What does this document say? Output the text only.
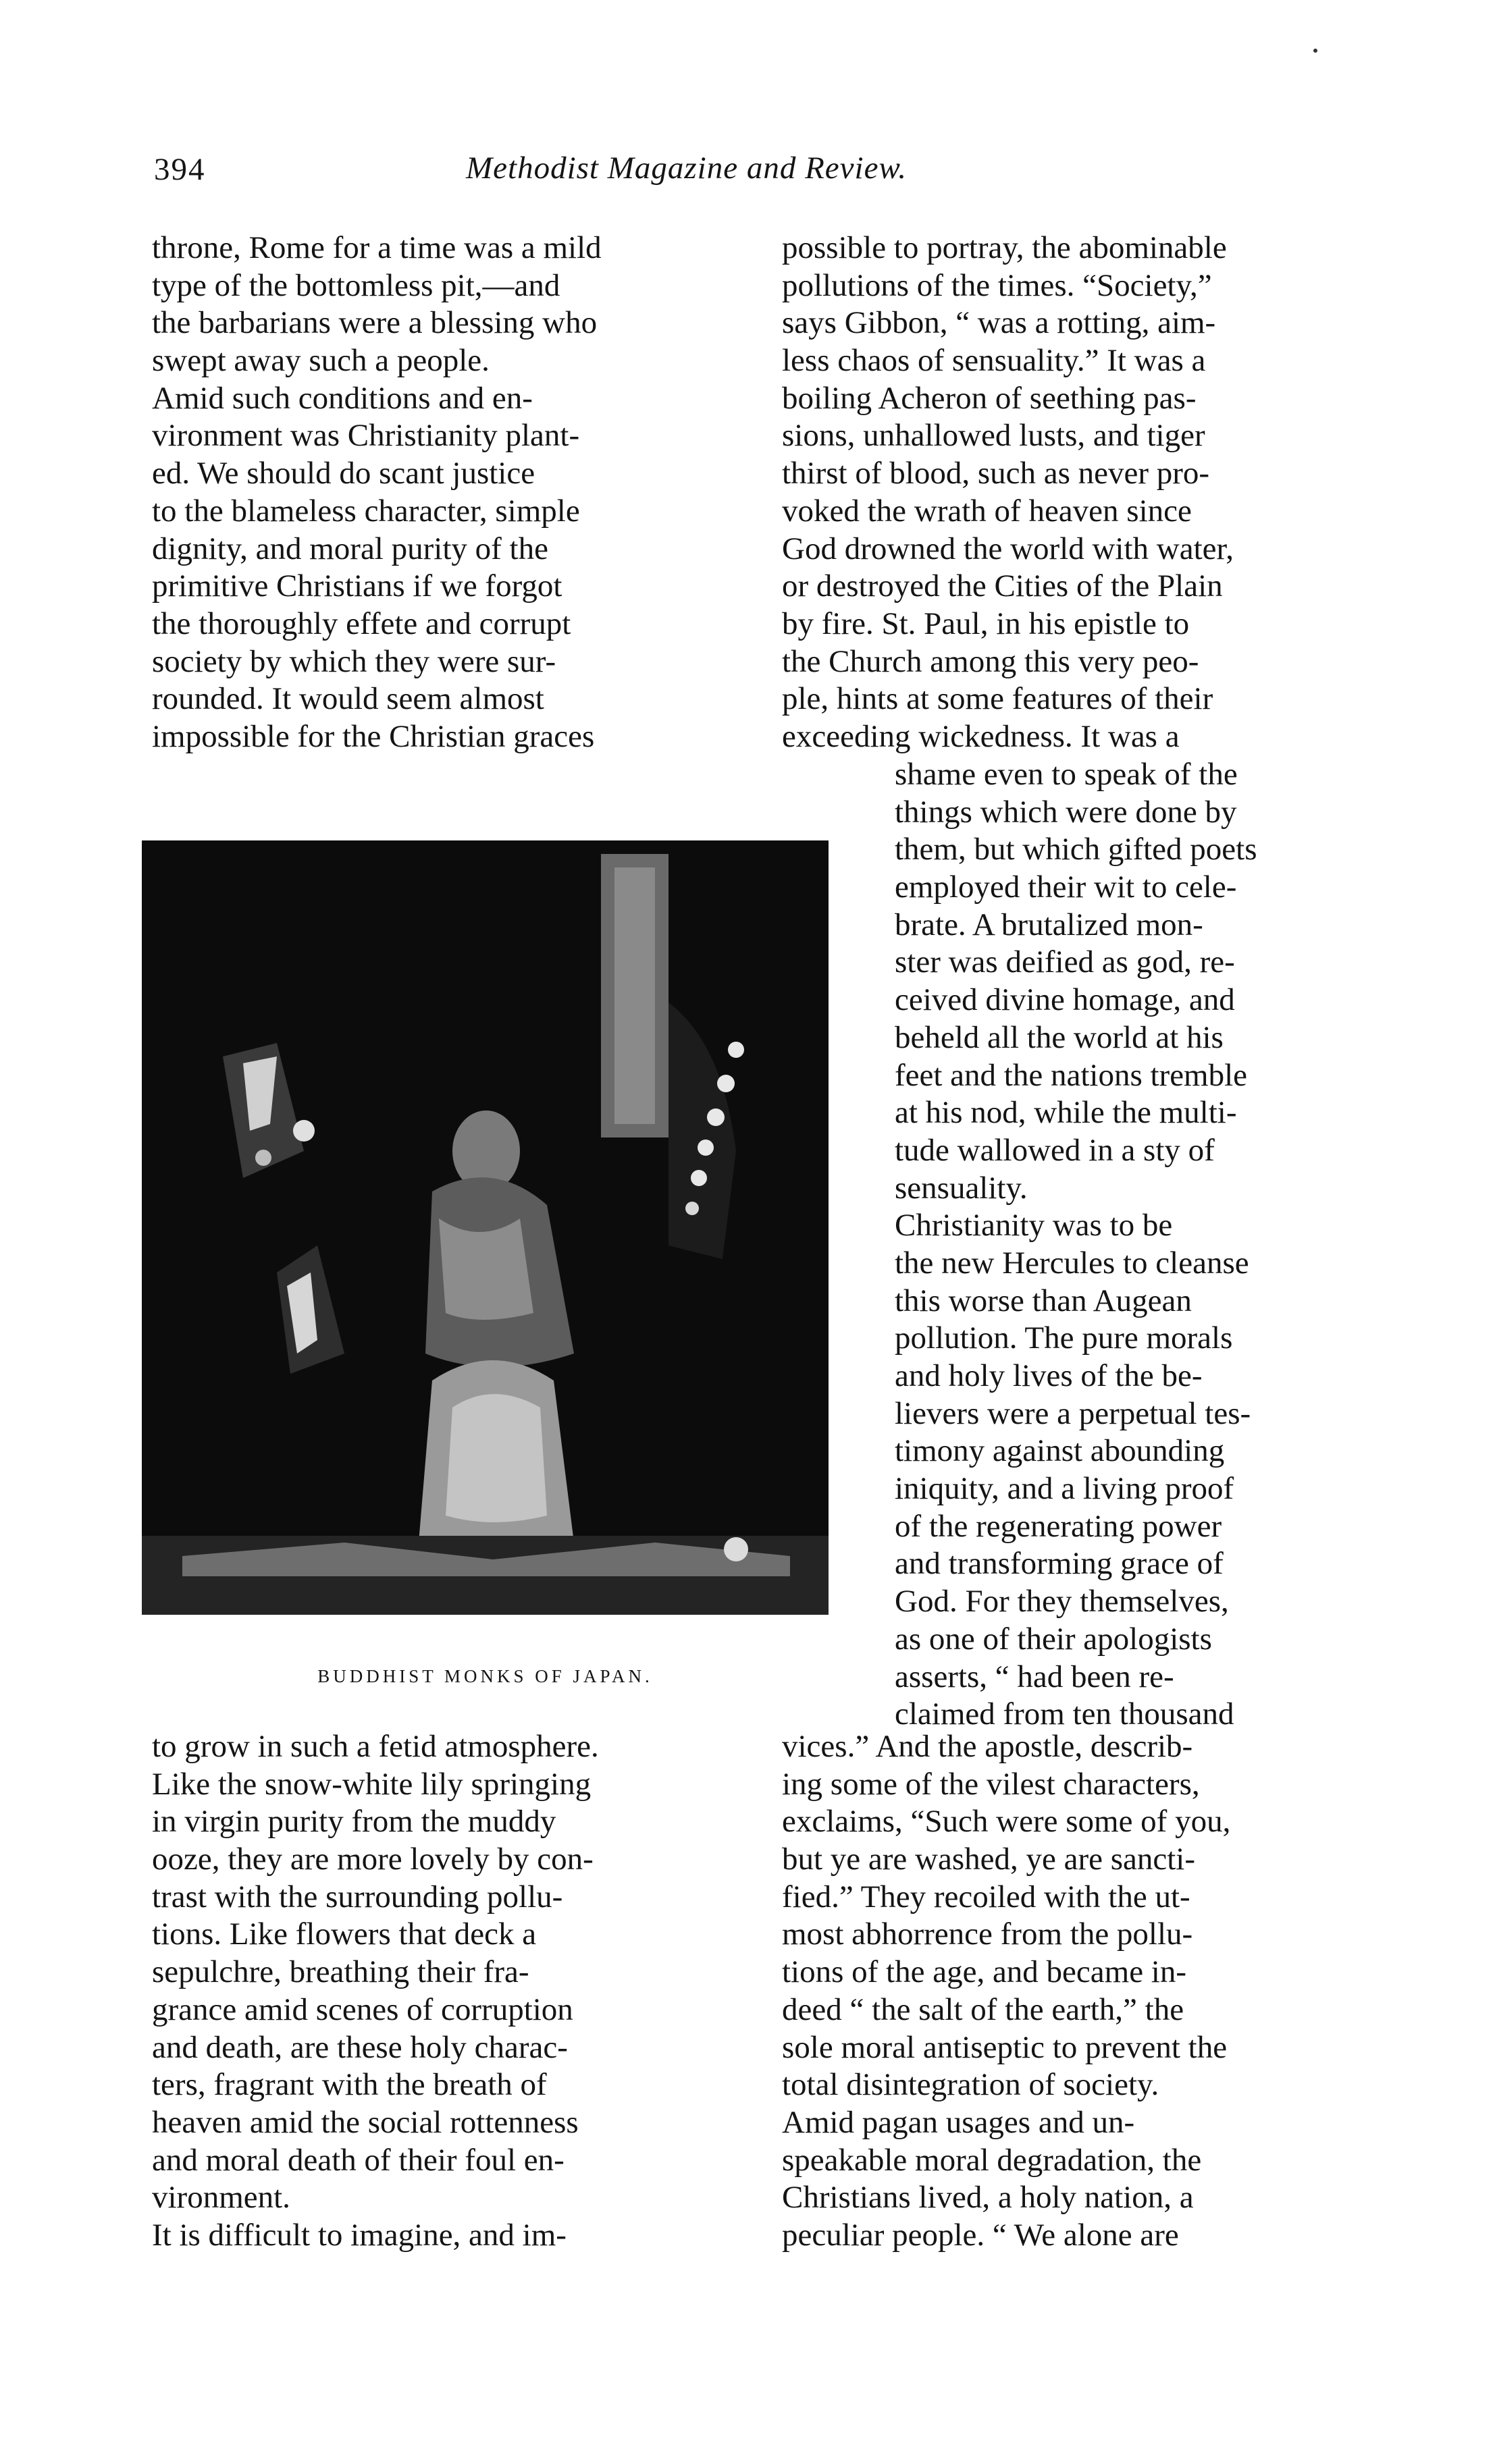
394	Methodist Magazine and Review.
throne, Rome for a time was a mild
type of the bottomless pit,—and
the barbarians were a blessing who
swept away such a people.
Amid such conditions and en-
vironment was Christianity plant-
ed. We should do scant justice
to the blameless character, simple
dignity, and moral purity of the
primitive Christians if we forgot
the thoroughly effete and corrupt
society by which they were sur-
rounded. It would seem almost
impossible for the Christian graces
possible to portray, the abominable
pollutions of the times. “Society,”
says Gibbon, “ was a rotting, aim-
less chaos of sensuality.” It was a
boiling Acheron of seething pas-
sions, unhallowed lusts, and tiger
thirst of blood, such as never pro-
voked the wrath of heaven since
God drowned the world with water,
or destroyed the Cities of the Plain
by fire. St. Paul, in his epistle to
the Church among this very peo-
ple, hints at some features of their
exceeding wickedness. It was a
shame even to speak of the
things which were done by
them, but which gifted poets
employed their wit to cele-
brate. A brutalized mon-
ster was deified as god, re-
ceived divine homage, and
beheld all the world at his
feet and the nations tremble
at his nod, while the multi-
tude wallowed in a sty of
sensuality.
Christianity was to be
the new Hercules to cleanse
this worse than Augean
pollution. The pure morals
and holy lives of the be-
lievers were a perpetual tes-
timony against abounding
iniquity, and a living proof
of the regenerating power
and transforming grace of
God. For they themselves,
as one of their apologists
asserts, “ had been re-
claimed from ten thousand
to grow in such a fetid atmosphere.
Like the snow-white lily springing
in virgin purity from the muddy
ooze, they are more lovely by con-
trast with the surrounding pollu-
tions. Like flowers that deck a
sepulchre, breathing their fra-
grance amid scenes of corruption
and death, are these holy charac-
ters, fragrant with the breath of
heaven amid the social rottenness
and moral death of their foul en-
vironment.
It is difficult to imagine, and im-
vices.” And the apostle, describ-
ing some of the vilest characters,
exclaims, “Such were some of you,
but ye are washed, ye are sancti-
fied.” They recoiled with the ut-
most abhorrence from the pollu-
tions of the age, and became in-
deed “ the salt of the earth,” the
sole moral antiseptic to prevent the
total disintegration of society.
Amid pagan usages and un-
speakable moral degradation, the
Christians lived, a holy nation, a
peculiar people. “ We alone are
BUDDHIST MONKS OF JAPAN.
